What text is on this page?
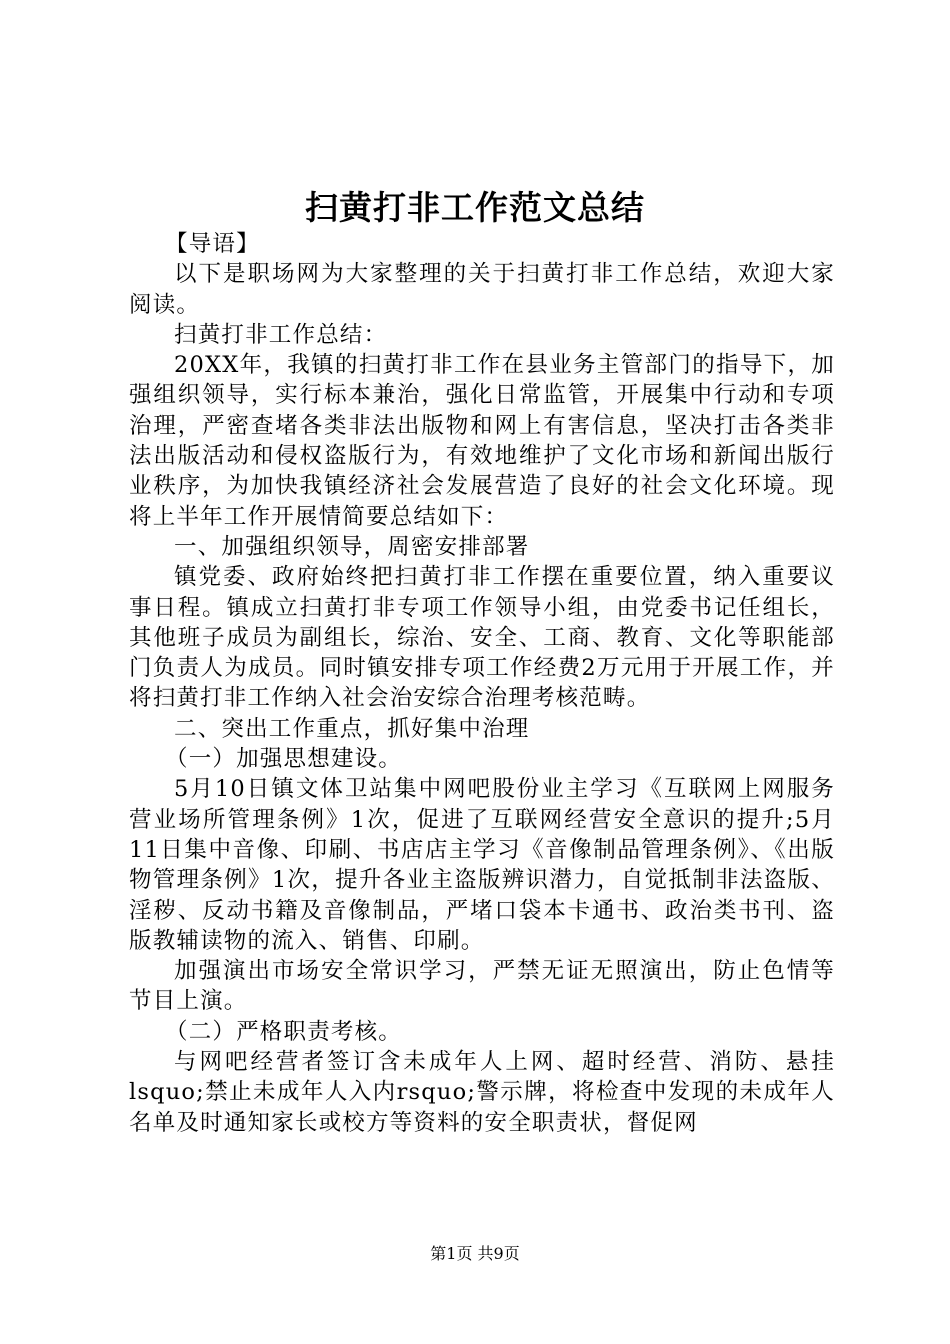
扫黄打非工作范文总结

【导语】

以下是职场网为大家整理的关于扫黄打非工作总结，欢迎大家阅读。

扫黄打非工作总结：

20XX年，我镇的扫黄打非工作在县业务主管部门的指导下，加强组织领导，实行标本兼治，强化日常监管，开展集中行动和专项治理，严密查堵各类非法出版物和网上有害信息，坚决打击各类非法出版活动和侵权盗版行为，有效地维护了文化市场和新闻出版行业秩序，为加快我镇经济社会发展营造了良好的社会文化环境。现将上半年工作开展情简要总结如下：

一、加强组织领导，周密安排部署

镇党委、政府始终把扫黄打非工作摆在重要位置，纳入重要议事日程。镇成立扫黄打非专项工作领导小组，由党委书记任组长，其他班子成员为副组长，综治、安全、工商、教育、文化等职能部门负责人为成员。同时镇安排专项工作经费2万元用于开展工作，并将扫黄打非工作纳入社会治安综合治理考核范畴。

二、突出工作重点，抓好集中治理

（一）加强思想建设。

5月10日镇文体卫站集中网吧股份业主学习《互联网上网服务营业场所管理条例》1次，促进了互联网经营安全意识的提升;5月11日集中音像、印刷、书店店主学习《音像制品管理条例》、《出版物管理条例》1次，提升各业主盗版辨识潜力，自觉抵制非法盗版、淫秽、反动书籍及音像制品，严堵口袋本卡通书、政治类书刊、盗版教辅读物的流入、销售、印刷。

加强演出市场安全常识学习，严禁无证无照演出，防止色情等节目上演。

（二）严格职责考核。

与网吧经营者签订含未成年人上网、超时经营、消防、悬挂lsquo;禁止未成年人入内rsquo;警示牌，将检查中发现的未成年人名单及时通知家长或校方等资料的安全职责状，督促网

第1页 共9页
